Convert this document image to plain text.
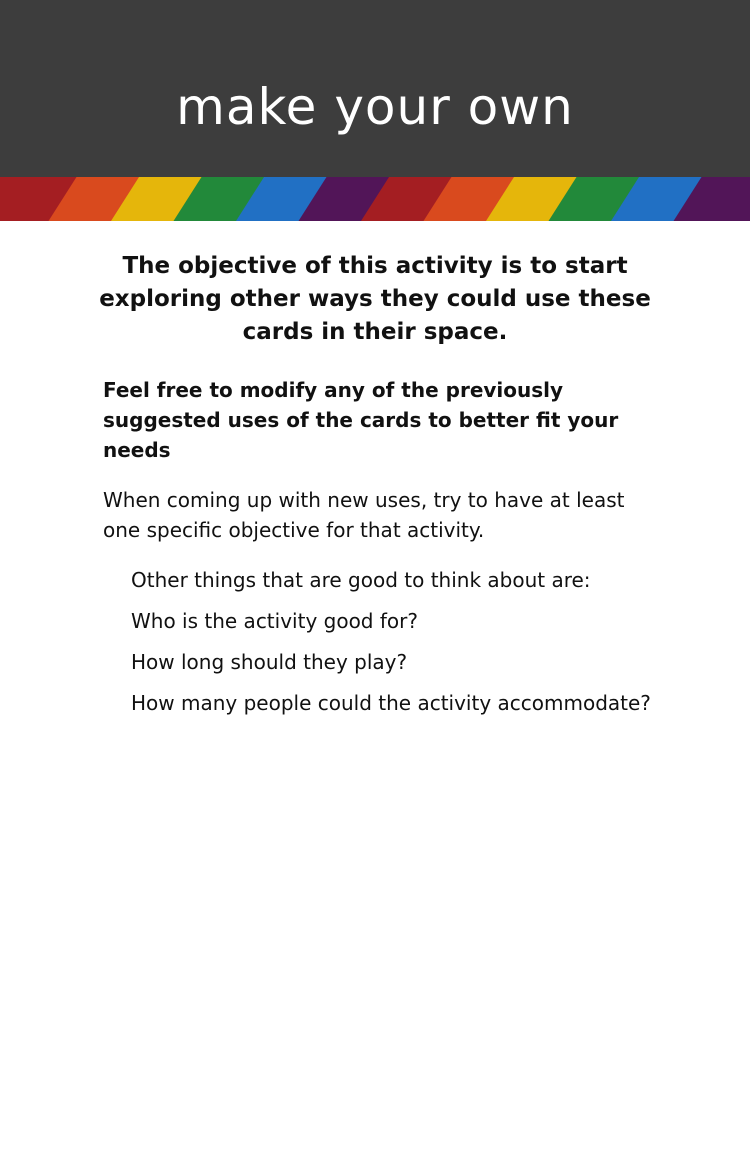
make your own

The objective of this activity is to start exploring other ways they could use these cards in their space.

Feel free to modify any of the previously suggested uses of the cards to better fit your needs

When coming up with new uses, try to have at least one specific objective for that activity.

Other things that are good to think about are:

Who is the activity good for?

How long should they play?

How many people could the activity accommodate?
